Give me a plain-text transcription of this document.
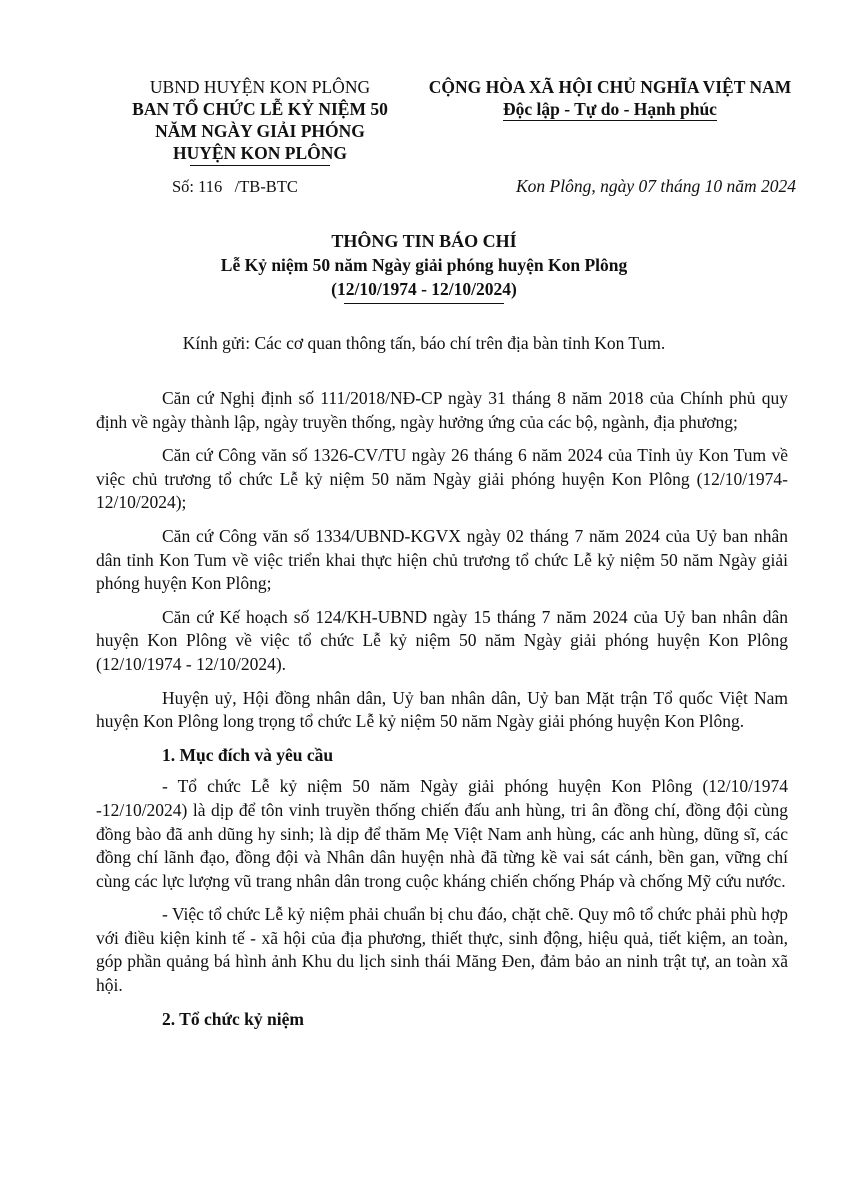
UBND HUYỆN KON PLÔNG
BAN TỔ CHỨC LỄ KỶ NIỆM 50
NĂM NGÀY GIẢI PHÓNG
HUYỆN KON PLÔNG
CỘNG HÒA XÃ HỘI CHỦ NGHĨA VIỆT NAM
Độc lập - Tự do - Hạnh phúc
Số: 116   /TB-BTC	Kon Plông, ngày 07 tháng 10 năm 2024
THÔNG TIN BÁO CHÍ
Lễ Kỷ niệm 50 năm Ngày giải phóng huyện Kon Plông
(12/10/1974 - 12/10/2024)
Kính gửi: Các cơ quan thông tấn, báo chí trên địa bàn tỉnh Kon Tum.

Căn cứ Nghị định số 111/2018/NĐ-CP ngày 31 tháng 8 năm 2018 của Chính phủ quy định về ngày thành lập, ngày truyền thống, ngày hưởng ứng của các bộ, ngành, địa phương;

Căn cứ Công văn số 1326-CV/TU ngày 26 tháng 6 năm 2024 của Tỉnh ủy Kon Tum về việc chủ trương tổ chức Lễ kỷ niệm 50 năm Ngày giải phóng huyện Kon Plông (12/10/1974-12/10/2024);

Căn cứ Công văn số 1334/UBND-KGVX ngày 02 tháng 7 năm 2024 của Uỷ ban nhân dân tỉnh Kon Tum về việc triển khai thực hiện chủ trương tổ chức Lễ kỷ niệm 50 năm Ngày giải phóng huyện Kon Plông;

Căn cứ Kế hoạch số 124/KH-UBND ngày 15 tháng 7 năm 2024 của Uỷ ban nhân dân huyện Kon Plông về việc tổ chức Lễ kỷ niệm 50 năm Ngày giải phóng huyện Kon Plông (12/10/1974 - 12/10/2024).

Huyện uỷ, Hội đồng nhân dân, Uỷ ban nhân dân, Uỷ ban Mặt trận Tổ quốc Việt Nam huyện Kon Plông long trọng tổ chức Lễ kỷ niệm 50 năm Ngày giải phóng huyện Kon Plông.

1. Mục đích và yêu cầu

- Tổ chức Lễ kỷ niệm 50 năm Ngày giải phóng huyện Kon Plông (12/10/1974 -12/10/2024) là dịp để tôn vinh truyền thống chiến đấu anh hùng, tri ân đồng chí, đồng đội cùng đồng bào đã anh dũng hy sinh; là dịp để thăm Mẹ Việt Nam anh hùng, các anh hùng, dũng sĩ, các đồng chí lãnh đạo, đồng đội và Nhân dân huyện nhà đã từng kề vai sát cánh, bền gan, vững chí cùng các lực lượng vũ trang nhân dân trong cuộc kháng chiến chống Pháp và chống Mỹ cứu nước.

- Việc tổ chức Lễ kỷ niệm phải chuẩn bị chu đáo, chặt chẽ. Quy mô tổ chức phải phù hợp với điều kiện kinh tế - xã hội của địa phương, thiết thực, sinh động, hiệu quả, tiết kiệm, an toàn, góp phần quảng bá hình ảnh Khu du lịch sinh thái Măng Đen, đảm bảo an ninh trật tự, an toàn xã hội.

2. Tổ chức kỷ niệm
